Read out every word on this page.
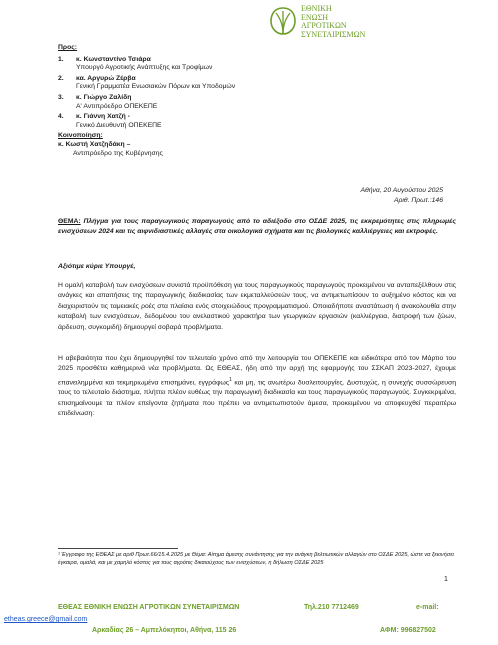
ΕΘΝΙΚΗ
ΕΝΩΣΗ
ΑΓΡΟΤΙΚΩΝ
ΣΥΝΕΤΑΙΡΙΣΜΩΝ
Προς:
1.	κ. Κωνσταντίνο Τσιάρα
Υπουργό Αγροτικής Ανάπτυξης και Τροφίμων
2.	κα. Αργυρώ Ζέρβα
Γενική Γραμματέα Ενωσιακών Πόρων και Υποδομών
3.	κ. Γιώργο Ζαλίδη
Α' Αντιπρόεδρο ΟΠΕΚΕΠΕ
4.	κ. Γιάννη Χατζή -
Γενικό Διευθυντή ΟΠΕΚΕΠΕ
Κοινοποίηση:
κ. Κωστή Χατζηδάκη –
Αντιπρόεδρο της Κυβέρνησης
Αθήνα, 20 Αυγούστου 2025
Αριθ. Πρωτ.:146
ΘΕΜΑ: Πλήγμα για τους παραγωγικούς παραγωγούς από το αδιέξοδο στο ΟΣΔΕ 2025, τις εκκρεμότητες στις πληρωμές ενισχύσεων 2024 και τις αιφνιδιαστικές αλλαγές στα οικολογικά σχήματα και τις βιολογικές καλλιέργειες και εκτροφές.
Αξιότιμε κύριε Υπουργέ,
Η ομαλή καταβολή των ενισχύσεων συνιστά προϋπόθεση για τους παραγωγικούς παραγωγούς προκειμένου να ανταπεξέλθουν στις ανάγκες και απαιτήσεις της παραγωγικής διαδικασίας των εκμεταλλεύσεών τους, να αντιμετωπίσουν το αυξημένο κόστος και να διαχειριστούν τις ταμειακές ροές στα πλαίσια ενός στοιχειώδους προγραμματισμού. Οποιαδήποτε αναστάτωση ή ανακολουθία στην καταβολή των ενισχύσεων, δεδομένου του ανελαστικού χαρακτήρα των γεωργικών εργασιών (καλλιέργεια, διατροφή των ζώων, άρδευση, συγκομιδή) δημιουργεί σοβαρά προβλήματα.
Η αβεβαιότητα που έχει δημιουργηθεί τον τελευταίο χρόνο από την λειτουργία του ΟΠΕΚΕΠΕ και ειδικότερα από τον Μάρτιο του 2025 προσθέτει καθημερινά νέα προβλήματα. Ως ΕΘΕΑΣ, ήδη από την αρχή της εφαρμογής του ΣΣΚΑΠ 2023-2027, έχουμε επανειλημμένα και τεκμηριωμένα επισημάνει, εγγράφως$^1$ και μη, τις ανωτέρω δυσλειτουργίες. Δυστυχώς, η συνεχής συσσώρευση τους το τελευταίο διάστημα, πλήττει πλέον ευθέως την παραγωγική διαδικασία και τους παραγωγικούς παραγωγούς. Συγκεκριμένα, επισημαίνουμε τα πλέον επείγοντα ζητήματα που πρέπει να αντιμετωπιστούν άμεσα, προκειμένου να αποφευχθεί περαιτέρω επιδείνωση:
¹ Έγγραφο της ΕΘΕΑΣ με αριθ Πρωτ.66/15.4.2025 με Θέμα: Αίτημα άμεσης συνάντησης για την ανάγκη βελτιωτικών αλλαγών στο ΟΣΔΕ 2025, ώστε να ξεκινήσει έγκαιρα, ομαλά, και με χαμηλό κόστος για τους αγρότες δικαιούχους των ενισχύσεων, η δήλωση ΟΣΔΕ 2025
1
ΕΘΕΑΣ ΕΘΝΙΚΗ ΕΝΩΣΗ ΑΓΡΟΤΙΚΩΝ ΣΥΝΕΤΑΙΡΙΣΜΩΝ	Τηλ.210 7712469	e-mail:
etheas.greece@gmail.com
Αρκαδίας 26 – Αμπελόκηποι, Αθήνα, 115 26	ΑΦΜ: 996827502
